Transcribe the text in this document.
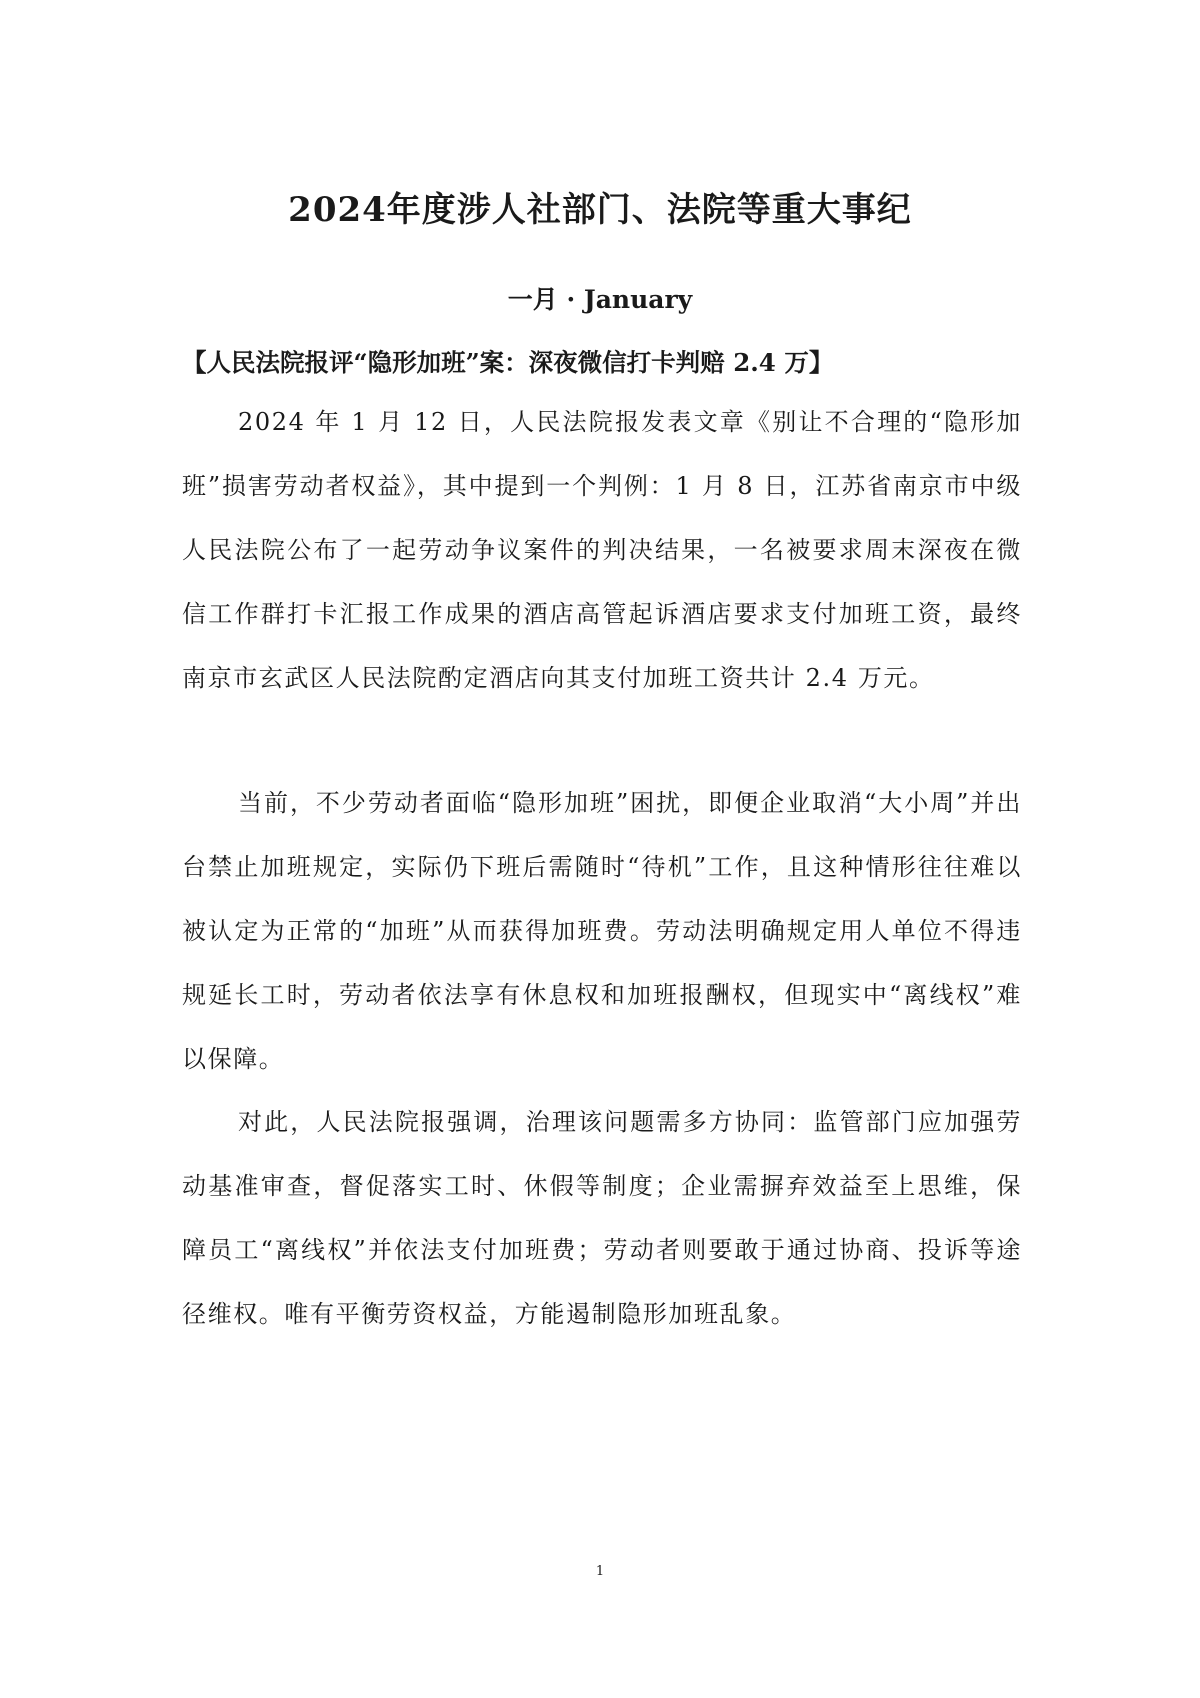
2024年度涉人社部门、法院等重大事纪
一月 · January
【人民法院报评“隐形加班”案：深夜微信打卡判赔 2.4 万】

2024 年 1 月 12 日，人民法院报发表文章《别让不合理的“隐形加班”损害劳动者权益》，其中提到一个判例：1 月 8 日，江苏省南京市中级人民法院公布了一起劳动争议案件的判决结果，一名被要求周末深夜在微信工作群打卡汇报工作成果的酒店高管起诉酒店要求支付加班工资，最终南京市玄武区人民法院酌定酒店向其支付加班工资共计 2.4 万元。

当前，不少劳动者面临“隐形加班”困扰，即便企业取消“大小周”并出台禁止加班规定，实际仍下班后需随时“待机”工作，且这种情形往往难以被认定为正常的“加班”从而获得加班费。劳动法明确规定用人单位不得违规延长工时，劳动者依法享有休息权和加班报酬权，但现实中“离线权”难以保障。

对此，人民法院报强调，治理该问题需多方协同：监管部门应加强劳动基准审查，督促落实工时、休假等制度；企业需摒弃效益至上思维，保障员工“离线权”并依法支付加班费；劳动者则要敢于通过协商、投诉等途径维权。唯有平衡劳资权益，方能遏制隐形加班乱象。

1
